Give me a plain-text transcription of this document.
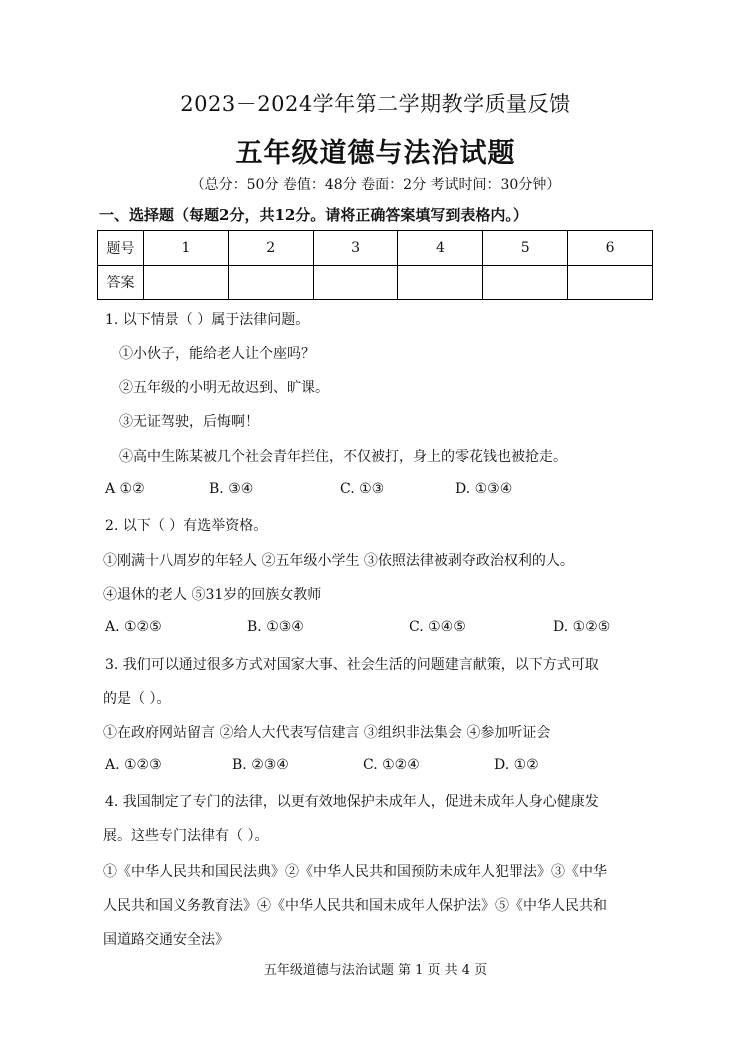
2023－2024学年第二学期教学质量反馈
五年级道德与法治试题
（总分：50分 卷值：48分 卷面：2分 考试时间：30分钟）
一、选择题（每题2分，共12分。请将正确答案填写到表格内。）
题号	1	2	3	4	5	6
答案						
1. 以下情景（ ）属于法律问题。
①小伙子，能给老人让个座吗？
②五年级的小明无故迟到、旷课。
③无证驾驶，后悔啊！
④高中生陈某被几个社会青年拦住，不仅被打，身上的零花钱也被抢走。
A ①②	B. ③④	C. ①③	D. ①③④
2. 以下（ ）有选举资格。
①刚满十八周岁的年轻人 ②五年级小学生 ③依照法律被剥夺政治权利的人。
④退休的老人 ⑤31岁的回族女教师
A. ①②⑤	B. ①③④	C. ①④⑤	D. ①②⑤
3. 我们可以通过很多方式对国家大事、社会生活的问题建言献策，以下方式可取
的是（ ）。
①在政府网站留言 ②给人大代表写信建言 ③组织非法集会 ④参加听证会
A. ①②③	B. ②③④	C. ①②④	D. ①②
4. 我国制定了专门的法律，以更有效地保护未成年人，促进未成年人身心健康发
展。这些专门法律有（ ）。
①《中华人民共和国民法典》②《中华人民共和国预防未成年人犯罪法》③《中华
人民共和国义务教育法》④《中华人民共和国未成年人保护法》⑤《中华人民共和
国道路交通安全法》
五年级道德与法治试题 第 1 页 共 4 页
